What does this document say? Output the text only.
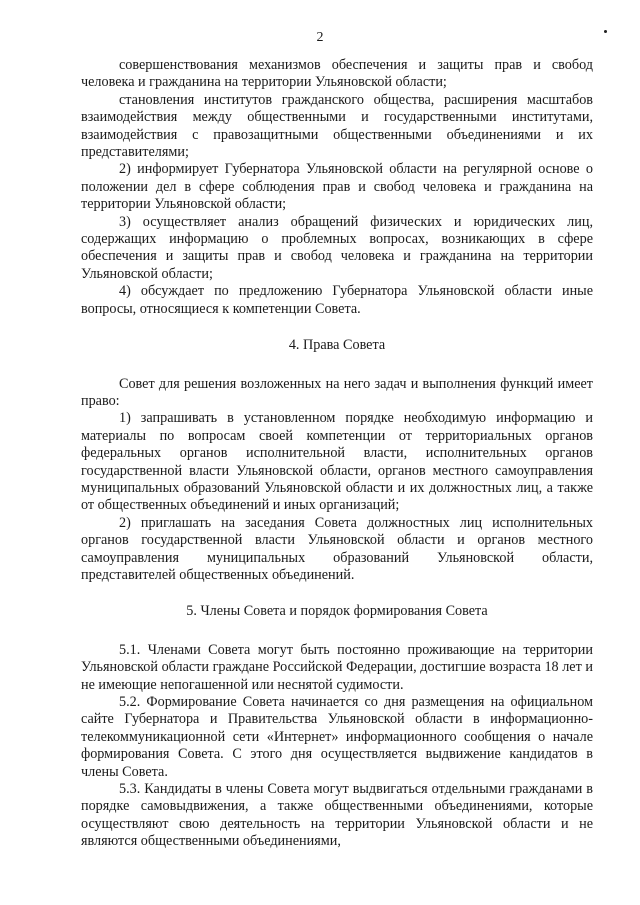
2

совершенствования механизмов обеспечения и защиты прав и свобод человека и гражданина на территории Ульяновской области;

становления институтов гражданского общества, расширения масштабов взаимодействия между общественными и государственными институтами, взаимодействия с правозащитными общественными объединениями и их представителями;

2) информирует Губернатора Ульяновской области на регулярной основе о положении дел в сфере соблюдения прав и свобод человека и гражданина на территории Ульяновской области;

3) осуществляет анализ обращений физических и юридических лиц, содержащих информацию о проблемных вопросах, возникающих в сфере обеспечения и защиты прав и свобод человека и гражданина на территории Ульяновской области;

4) обсуждает по предложению Губернатора Ульяновской области иные вопросы, относящиеся к компетенции Совета.

4. Права Совета

Совет для решения возложенных на него задач и выполнения функций имеет право:

1) запрашивать в установленном порядке необходимую информацию и материалы по вопросам своей компетенции от территориальных органов федеральных органов исполнительной власти, исполнительных органов государственной власти Ульяновской области, органов местного самоуправления муниципальных образований Ульяновской области и их должностных лиц, а также от общественных объединений и иных организаций;

2) приглашать на заседания Совета должностных лиц исполнительных органов государственной власти Ульяновской области и органов местного самоуправления муниципальных образований Ульяновской области, представителей общественных объединений.

5. Члены Совета и порядок формирования Совета

5.1. Членами Совета могут быть постоянно проживающие на территории Ульяновской области граждане Российской Федерации, достигшие возраста 18 лет и не имеющие непогашенной или неснятой судимости.

5.2. Формирование Совета начинается со дня размещения на официальном сайте Губернатора и Правительства Ульяновской области в информационно-телекоммуникационной сети «Интернет» информационного сообщения о начале формирования Совета. С этого дня осуществляется выдвижение кандидатов в члены Совета.

5.3. Кандидаты в члены Совета могут выдвигаться отдельными гражданами в порядке самовыдвижения, а также общественными объединениями, которые осуществляют свою деятельность на территории Ульяновской области и не являются общественными объединениями,
